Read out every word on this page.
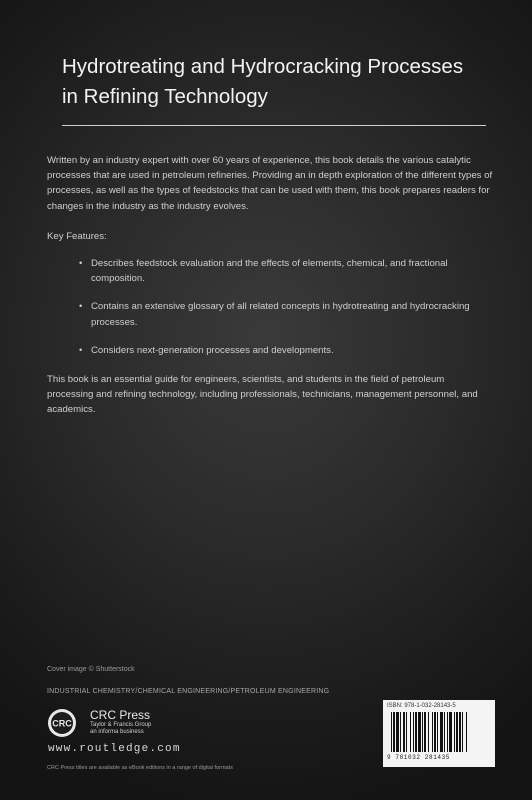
Hydrotreating and Hydrocracking Processes
in Refining Technology

Written by an industry expert with over 60 years of experience, this book details the various catalytic processes that are used in petroleum refineries. Providing an in depth exploration of the different types of processes, as well as the types of feedstocks that can be used with them, this book prepares readers for changes in the industry as the industry evolves.

Key Features:

• Describes feedstock evaluation and the effects of elements, chemical, and fractional composition.
• Contains an extensive glossary of all related concepts in hydrotreating and hydrocracking processes.
• Considers next-generation processes and developments.

This book is an essential guide for engineers, scientists, and students in the field of petroleum processing and refining technology, including professionals, technicians, management personnel, and academics.

Cover image © Shutterstock
INDUSTRIAL CHEMISTRY/CHEMICAL ENGINEERING/PETROLEUM ENGINEERING
CRC
CRC Press
Taylor & Francis Group
an informa business
www.routledge.com
CRC Press titles are available as eBook editions in a range of digital formats
ISBN: 978-1-032-28143-5
9 781032 281435
